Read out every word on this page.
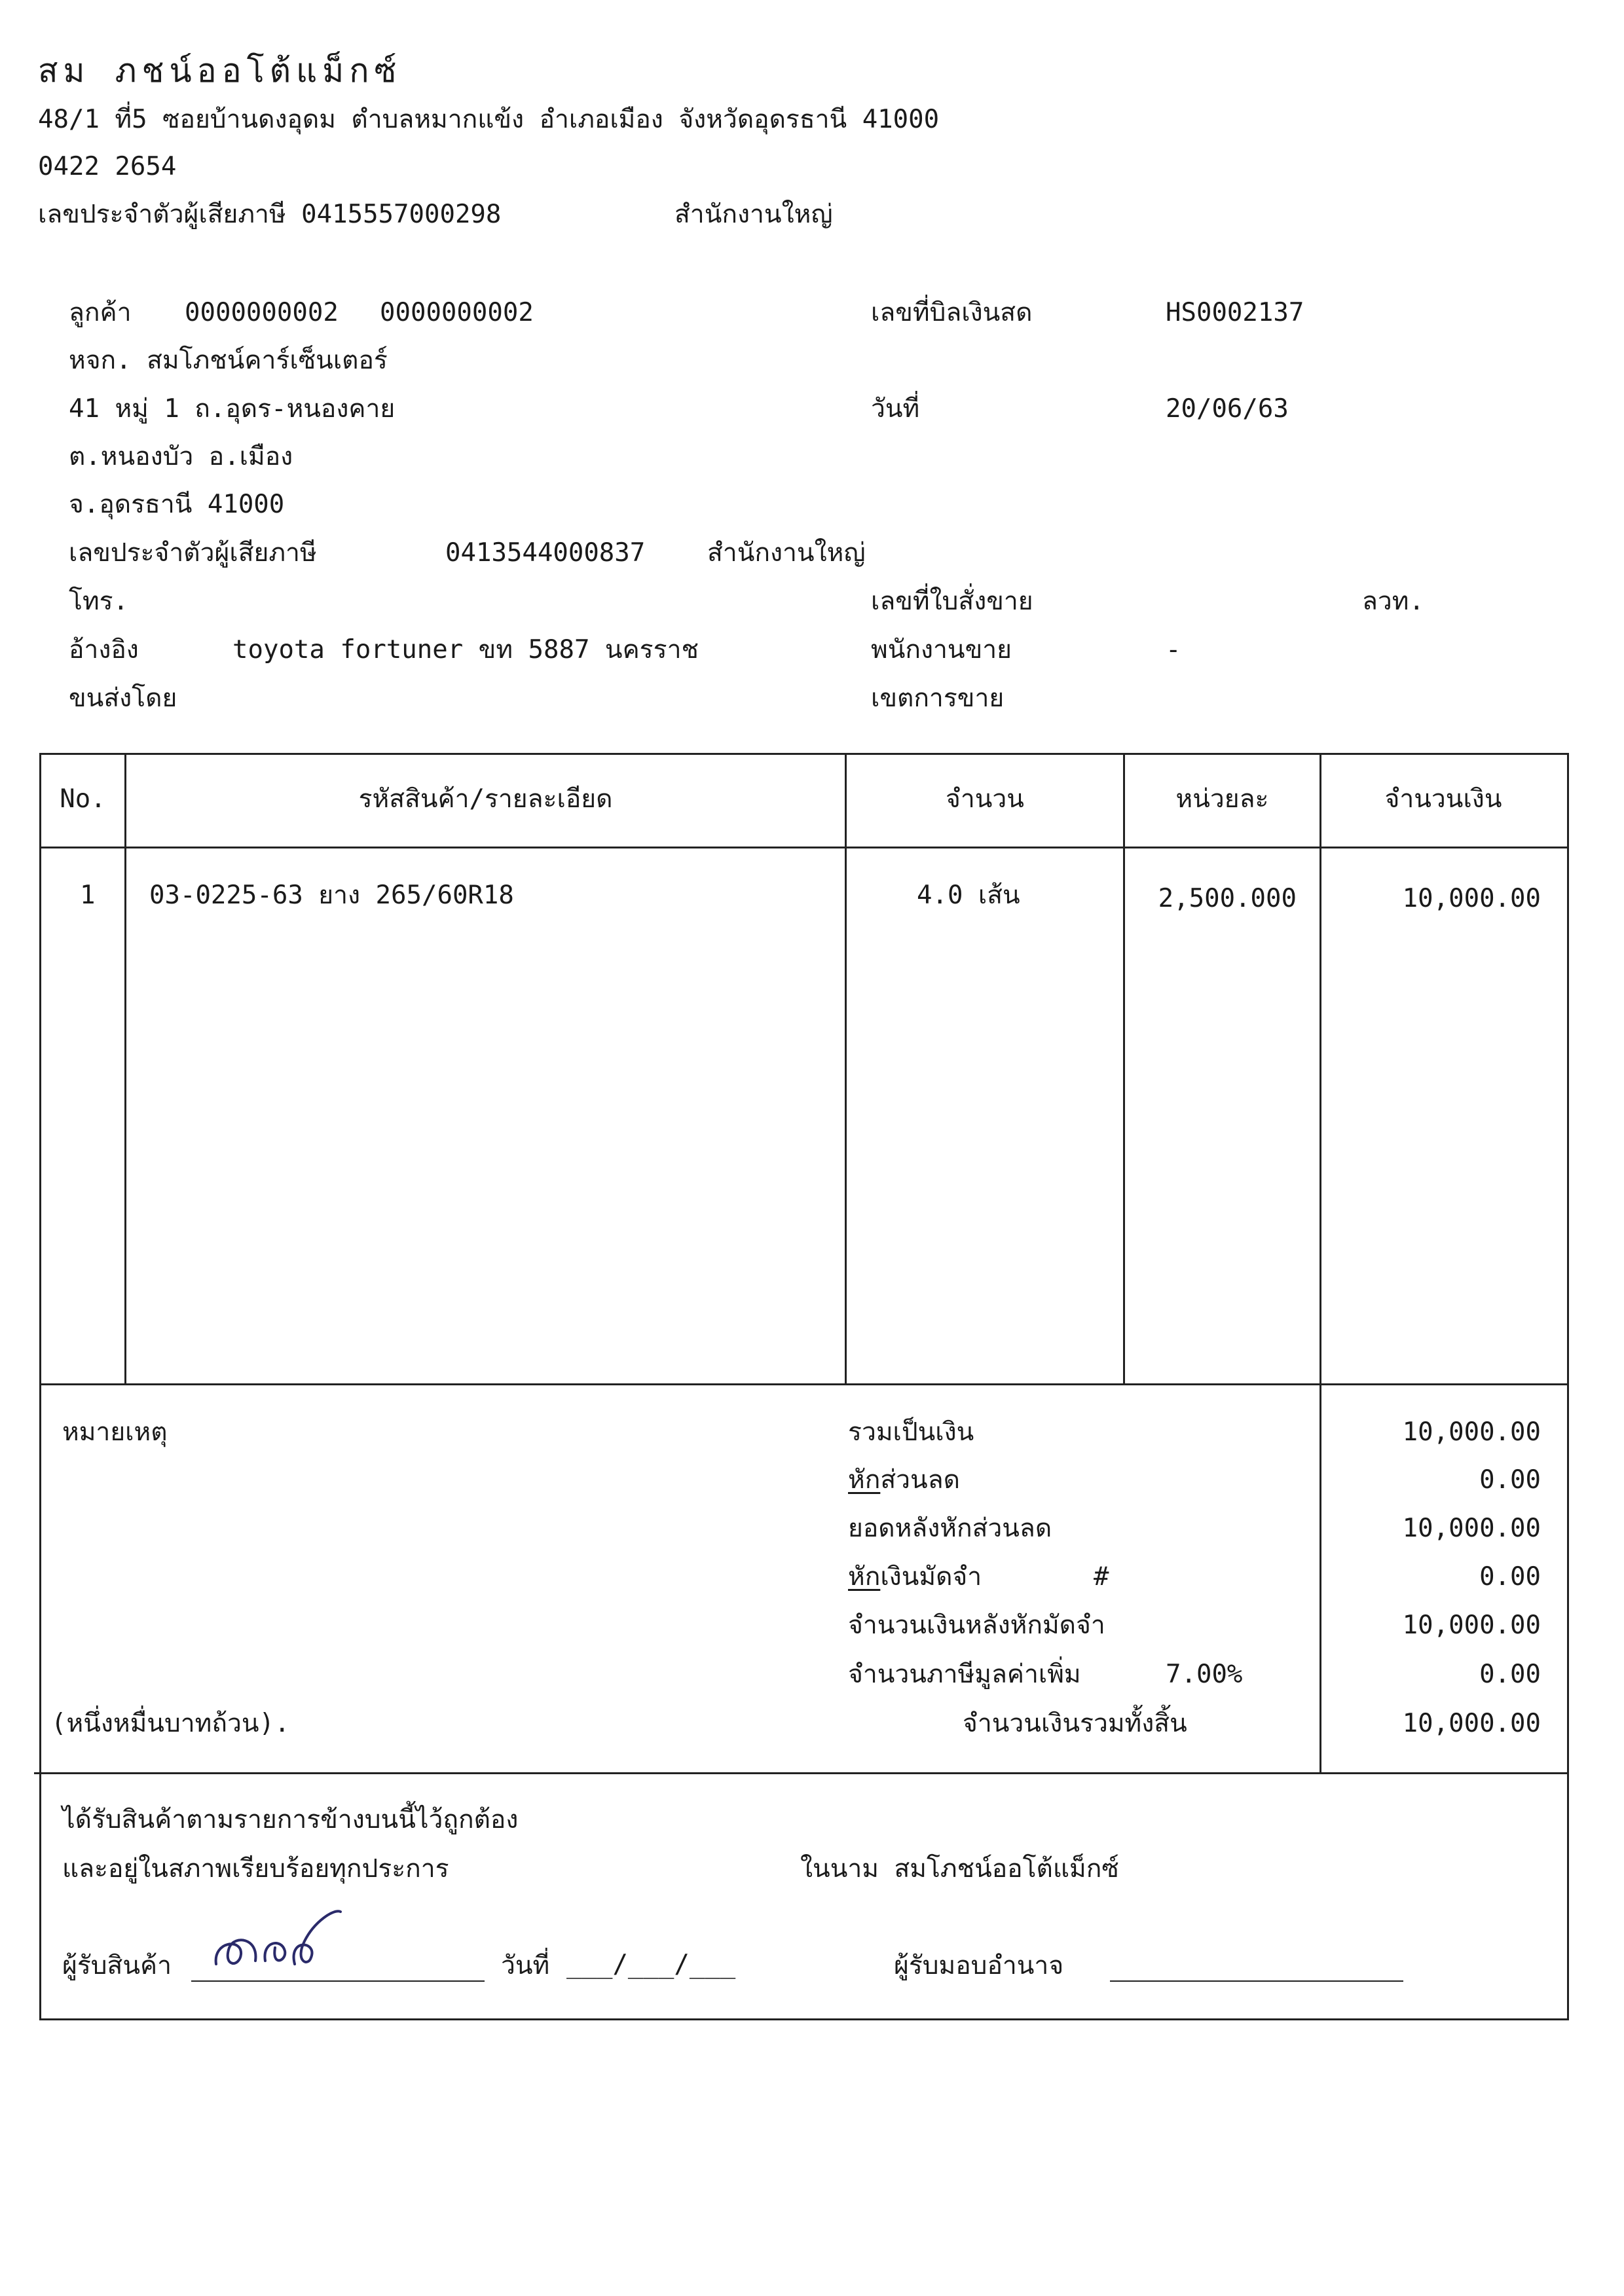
สม ภชน์ออโต้แม็กซ์
48/1 ที่5 ซอยบ้านดงอุดม ตำบลหมากแข้ง อำเภอเมือง จังหวัดอุดรธานี 41000
0422 2654
เลขประจำตัวผู้เสียภาษี 0415557000298	สำนักงานใหญ่
ลูกค้า 0000000002 0000000002
หจก. สมโภชน์คาร์เซ็นเตอร์
41 หมู่ 1 ถ.อุดร-หนองคาย
ต.หนองบัว อ.เมือง
จ.อุดรธานี 41000
เลขประจำตัวผู้เสียภาษี	0413544000837 สำนักงานใหญ่
โทร.
อ้างอิง	toyota fortuner ขท 5887 นครราช
ขนส่งโดย
เลขที่บิลเงินสด	HS0002137
วันที่	20/06/63
เลขที่ใบสั่งขาย	ลวท.
พนักงานขาย	-
เขตการขาย
No.	รหัสสินค้า/รายละเอียด	จำนวน	หน่วยละ	จำนวนเงิน
1 03-0225-63 ยาง 265/60R18	4.0 เส้น	2,500.000	10,000.00
หมายเหตุ
(หนึ่งหมื่นบาทถ้วน).
รวมเป็นเงิน	10,000.00
หักส่วนลด	0.00
ยอดหลังหักส่วนลด	10,000.00
หักเงินมัดจำ	#	0.00
จำนวนเงินหลังหักมัดจำ	10,000.00
จำนวนภาษีมูลค่าเพิ่ม	7.00%	0.00
จำนวนเงินรวมทั้งสิ้น	10,000.00
ได้รับสินค้าตามรายการข้างบนนี้ไว้ถูกต้อง
และอยู่ในสภาพเรียบร้อยทุกประการ	ในนาม สมโภชน์ออโต้แม็กซ์
ผู้รับสินค้า	วันที่ ___/___/___	ผู้รับมอบอำนาจ
